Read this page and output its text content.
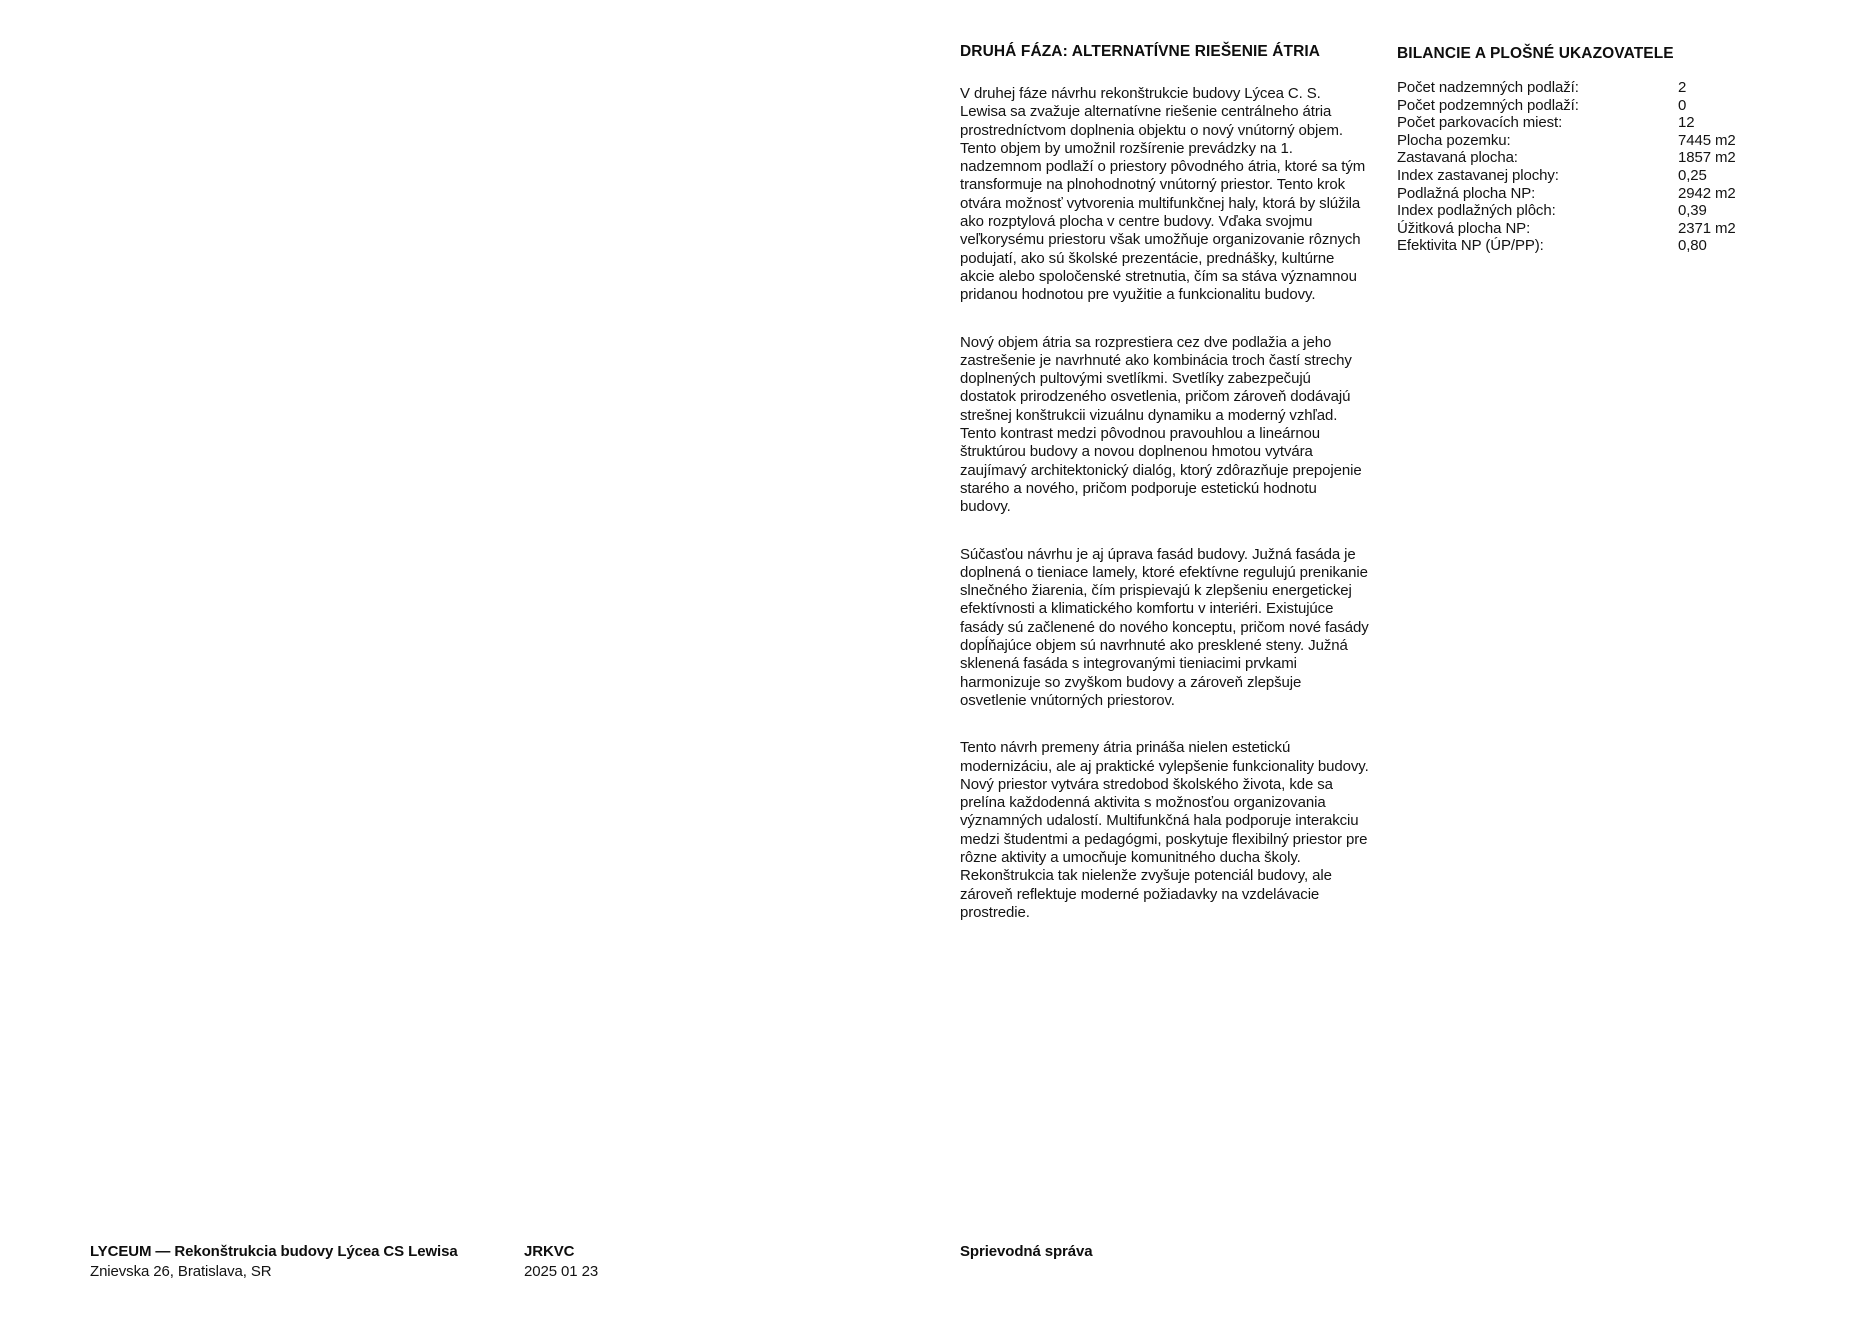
DRUHÁ FÁZA: ALTERNATÍVNE RIEŠENIE ÁTRIA

V druhej fáze návrhu rekonštrukcie budovy Lýcea C. S. Lewisa sa zvažuje alternatívne riešenie centrálneho átria prostredníctvom doplnenia objektu o nový vnútorný objem. Tento objem by umožnil rozšírenie prevádzky na 1. nadzemnom podlaží o priestory pôvodného átria, ktoré sa tým transformuje na plnohodnotný vnútorný priestor. Tento krok otvára možnosť vytvorenia multifunkčnej haly, ktorá by slúžila ako rozptylová plocha v centre budovy. Vďaka svojmu veľkorysému priestoru však umožňuje organizovanie rôznych podujatí, ako sú školské prezentácie, prednášky, kultúrne akcie alebo spoločenské stretnutia, čím sa stáva významnou pridanou hodnotou pre využitie a funkcionalitu budovy.

Nový objem átria sa rozprestiera cez dve podlažia a jeho zastrešenie je navrhnuté ako kombinácia troch častí strechy doplnených pultovými svetlíkmi. Svetlíky zabezpečujú dostatok prirodzeného osvetlenia, pričom zároveň dodávajú strešnej konštrukcii vizuálnu dynamiku a moderný vzhľad. Tento kontrast medzi pôvodnou pravouhlou a lineárnou štruktúrou budovy a novou doplnenou hmotou vytvára zaujímavý architektonický dialóg, ktorý zdôrazňuje prepojenie starého a nového, pričom podporuje estetickú hodnotu budovy.

Súčasťou návrhu je aj úprava fasád budovy. Južná fasáda je doplnená o tieniace lamely, ktoré efektívne regulujú prenikanie slnečného žiarenia, čím prispievajú k zlepšeniu energetickej efektívnosti a klimatického komfortu v interiéri. Existujúce fasády sú začlenené do nového konceptu, pričom nové fasády dopĺňajúce objem sú navrhnuté ako presklené steny. Južná sklenená fasáda s integrovanými tieniacimi prvkami harmonizuje so zvyškom budovy a zároveň zlepšuje osvetlenie vnútorných priestorov.

Tento návrh premeny átria prináša nielen estetickú modernizáciu, ale aj praktické vylepšenie funkcionality budovy. Nový priestor vytvára stredobod školského života, kde sa prelína každodenná aktivita s možnosťou organizovania významných udalostí. Multifunkčná hala podporuje interakciu medzi študentmi a pedagógmi, poskytuje flexibilný priestor pre rôzne aktivity a umocňuje komunitného ducha školy. Rekonštrukcia tak nielenže zvyšuje potenciál budovy, ale zároveň reflektuje moderné požiadavky na vzdelávacie prostredie.

BILANCIE A PLOŠNÉ UKAZOVATELE
Počet nadzemných podlaží:	2
Počet podzemných podlaží:	0
Počet parkovacích miest:	12
Plocha pozemku:	7445 m2
Zastavaná plocha:	1857 m2
Index zastavanej plochy:	0,25
Podlažná plocha NP:	2942 m2
Index podlažných plôch:	0,39
Úžitková plocha NP:	2371 m2
Efektivita NP (ÚP/PP):	0,80
LYCEUM — Rekonštrukcia budovy Lýcea CS Lewisa
Znievska 26, Bratislava, SR
JRKVC
2025 01 23
Sprievodná správa
